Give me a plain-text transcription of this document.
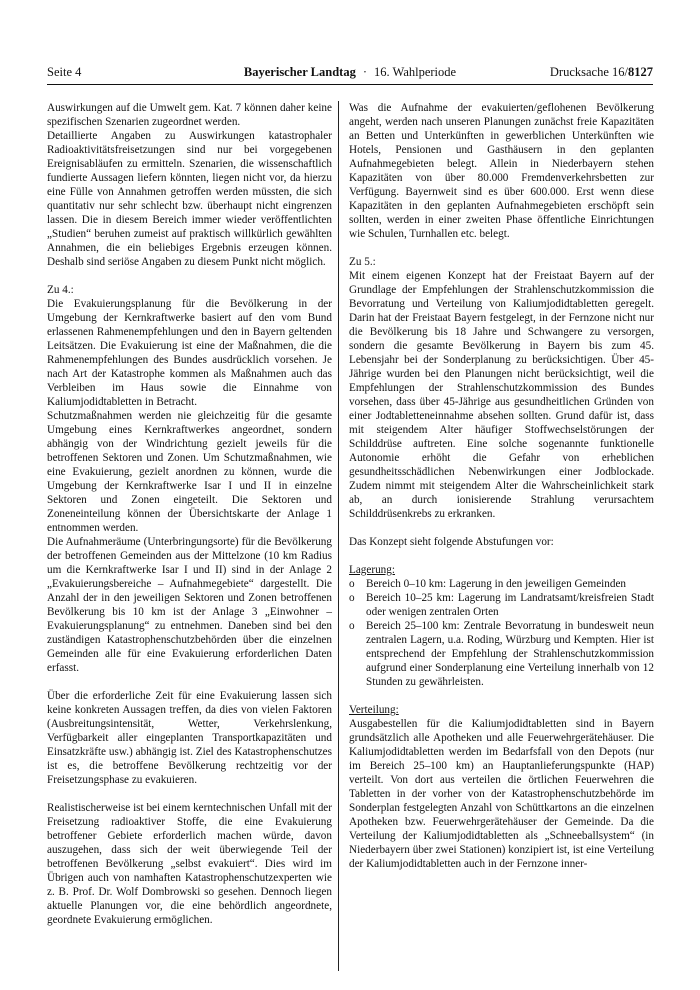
Seite 4	Bayerischer Landtag · 16. Wahlperiode	Drucksache 16/8127

Auswirkungen auf die Umwelt gem. Kat. 7 können daher keine spezifischen Szenarien zugeordnet werden.

Detaillierte Angaben zu Auswirkungen katastrophaler Radioaktivitätsfreisetzungen sind nur bei vorgegebenen Ereignisabläufen zu ermitteln. Szenarien, die wissenschaftlich fundierte Aussagen liefern könnten, liegen nicht vor, da hierzu eine Fülle von Annahmen getroffen werden müssten, die sich quantitativ nur sehr schlecht bzw. überhaupt nicht eingrenzen lassen. Die in diesem Bereich immer wieder veröffentlichten „Studien“ beruhen zumeist auf praktisch willkürlich gewählten Annahmen, die ein beliebiges Ergebnis erzeugen können. Deshalb sind seriöse Angaben zu diesem Punkt nicht möglich.

Zu 4.:

Die Evakuierungsplanung für die Bevölkerung in der Umgebung der Kernkraftwerke basiert auf den vom Bund erlassenen Rahmenempfehlungen und den in Bayern geltenden Leitsätzen. Die Evakuierung ist eine der Maßnahmen, die die Rahmenempfehlungen des Bundes ausdrücklich vorsehen. Je nach Art der Katastrophe kommen als Maßnahmen auch das Verbleiben im Haus sowie die Einnahme von Kaliumjodidtabletten in Betracht.

Schutzmaßnahmen werden nie gleichzeitig für die gesamte Umgebung eines Kernkraftwerkes angeordnet, sondern abhängig von der Windrichtung gezielt jeweils für die betroffenen Sektoren und Zonen. Um Schutzmaßnahmen, wie eine Evakuierung, gezielt anordnen zu können, wurde die Umgebung der Kernkraftwerke Isar I und II in einzelne Sektoren und Zonen eingeteilt. Die Sektoren und Zoneneinteilung können der Übersichtskarte der Anlage 1 entnommen werden.

Die Aufnahmeräume (Unterbringungsorte) für die Bevölkerung der betroffenen Gemeinden aus der Mittelzone (10 km Radius um die Kernkraftwerke Isar I und II) sind in der Anlage 2 „Evakuierungsbereiche – Aufnahmegebiete“ dargestellt. Die Anzahl der in den jeweiligen Sektoren und Zonen betroffenen Bevölkerung bis 10 km ist der Anlage 3 „Einwohner – Evakuierungsplanung“ zu entnehmen. Daneben sind bei den zuständigen Katastrophenschutzbehörden über die einzelnen Gemeinden alle für eine Evakuierung erforderlichen Daten erfasst.

Über die erforderliche Zeit für eine Evakuierung lassen sich keine konkreten Aussagen treffen, da dies von vielen Faktoren (Ausbreitungsintensität, Wetter, Verkehrslenkung, Verfügbarkeit aller eingeplanten Transportkapazitäten und Einsatzkräfte usw.) abhängig ist. Ziel des Katastrophenschutzes ist es, die betroffene Bevölkerung rechtzeitig vor der Freisetzungsphase zu evakuieren.

Realistischerweise ist bei einem kerntechnischen Unfall mit der Freisetzung radioaktiver Stoffe, die eine Evakuierung betroffener Gebiete erforderlich machen würde, davon auszugehen, dass sich der weit überwiegende Teil der betroffenen Bevölkerung „selbst evakuiert“. Dies wird im Übrigen auch von namhaften Katastrophenschutzexperten wie z. B. Prof. Dr. Wolf Dombrowski so gesehen. Dennoch liegen aktuelle Planungen vor, die eine behördlich angeordnete, geordnete Evakuierung ermöglichen.

Was die Aufnahme der evakuierten/geflohenen Bevölkerung angeht, werden nach unseren Planungen zunächst freie Kapazitäten an Betten und Unterkünften in gewerblichen Unterkünften wie Hotels, Pensionen und Gasthäusern in den geplanten Aufnahmegebieten belegt. Allein in Niederbayern stehen Kapazitäten von über 80.000 Fremdenverkehrsbetten zur Verfügung. Bayernweit sind es über 600.000. Erst wenn diese Kapazitäten in den geplanten Aufnahmegebieten erschöpft sein sollten, werden in einer zweiten Phase öffentliche Einrichtungen wie Schulen, Turnhallen etc. belegt.

Zu 5.:

Mit einem eigenen Konzept hat der Freistaat Bayern auf der Grundlage der Empfehlungen der Strahlenschutzkommission die Bevorratung und Verteilung von Kaliumjodidtabletten geregelt. Darin hat der Freistaat Bayern festgelegt, in der Fernzone nicht nur die Bevölkerung bis 18 Jahre und Schwangere zu versorgen, sondern die gesamte Bevölkerung in Bayern bis zum 45. Lebensjahr bei der Sonderplanung zu berücksichtigen. Über 45-Jährige wurden bei den Planungen nicht berücksichtigt, weil die Empfehlungen der Strahlenschutzkommission des Bundes vorsehen, dass über 45-Jährige aus gesundheitlichen Gründen von einer Jodtabletteneinnahme absehen sollten. Grund dafür ist, dass mit steigendem Alter häufiger Stoffwechselstörungen der Schilddrüse auftreten. Eine solche sogenannte funktionelle Autonomie erhöht die Gefahr von erheblichen gesundheitsschädlichen Nebenwirkungen einer Jodblockade. Zudem nimmt mit steigendem Alter die Wahrscheinlichkeit stark ab, an durch ionisierende Strahlung verursachtem Schilddrüsenkrebs zu erkranken.

Das Konzept sieht folgende Abstufungen vor:

Lagerung:

o Bereich 0–10 km: Lagerung in den jeweiligen Gemeinden
o Bereich 10–25 km: Lagerung im Landratsamt/kreisfreien Stadt oder wenigen zentralen Orten
o Bereich 25–100 km: Zentrale Bevorratung in bundesweit neun zentralen Lagern, u.a. Roding, Würzburg und Kempten. Hier ist entsprechend der Empfehlung der Strahlenschutzkommission aufgrund einer Sonderplanung eine Verteilung innerhalb von 12 Stunden zu gewährleisten.

Verteilung:

Ausgabestellen für die Kaliumjodidtabletten sind in Bayern grundsätzlich alle Apotheken und alle Feuerwehrgerätehäuser. Die Kaliumjodidtabletten werden im Bedarfsfall von den Depots (nur im Bereich 25–100 km) an Hauptanlieferungspunkte (HAP) verteilt. Von dort aus verteilen die örtlichen Feuerwehren die Tabletten in der vorher von der Katastrophenschutzbehörde im Sonderplan festgelegten Anzahl von Schüttkartons an die einzelnen Apotheken bzw. Feuerwehrgerätehäuser der Gemeinde. Da die Verteilung der Kaliumjodidtabletten als „Schneeballsystem“ (in Niederbayern über zwei Stationen) konzipiert ist, ist eine Verteilung der Kaliumjodidtabletten auch in der Fernzone inner-
